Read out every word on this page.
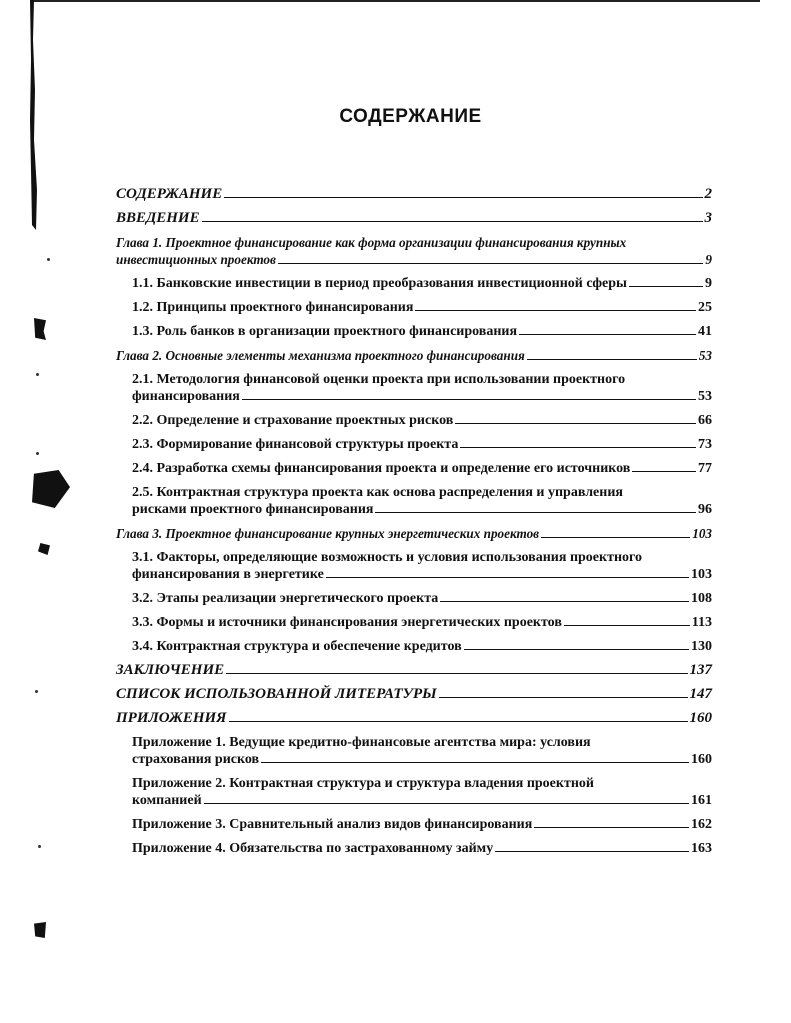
СОДЕРЖАНИЕ
СОДЕРЖАНИЕ	2
ВВЕДЕНИЕ	3
Глава 1. Проектное финансирование как форма организации финансирования крупных
инвестиционных проектов	9
1.1. Банковские инвестиции в период преобразования инвестиционной сферы	9
1.2. Принципы проектного финансирования	25
1.3. Роль банков в организации проектного финансирования	41
Глава 2. Основные элементы механизма проектного финансирования	53
2.1. Методология финансовой оценки проекта при использовании проектного
финансирования	53
2.2. Определение и страхование проектных рисков	66
2.3. Формирование финансовой структуры проекта	73
2.4. Разработка схемы финансирования проекта и определение его источников	77
2.5. Контрактная структура проекта как основа распределения и управления
рисками проектного финансирования	96
Глава 3. Проектное финансирование крупных энергетических проектов	103
3.1. Факторы, определяющие возможность и условия использования проектного
финансирования в энергетике	103
3.2. Этапы реализации энергетического проекта	108
3.3. Формы и источники финансирования энергетических проектов	113
3.4. Контрактная структура и обеспечение кредитов	130
ЗАКЛЮЧЕНИЕ	137
СПИСОК ИСПОЛЬЗОВАННОЙ ЛИТЕРАТУРЫ	147
ПРИЛОЖЕНИЯ	160
Приложение 1. Ведущие кредитно-финансовые агентства мира: условия
страхования рисков	160
Приложение 2. Контрактная структура и структура владения проектной
компанией	161
Приложение 3. Сравнительный анализ видов финансирования	162
Приложение 4. Обязательства по застрахованному займу	163
